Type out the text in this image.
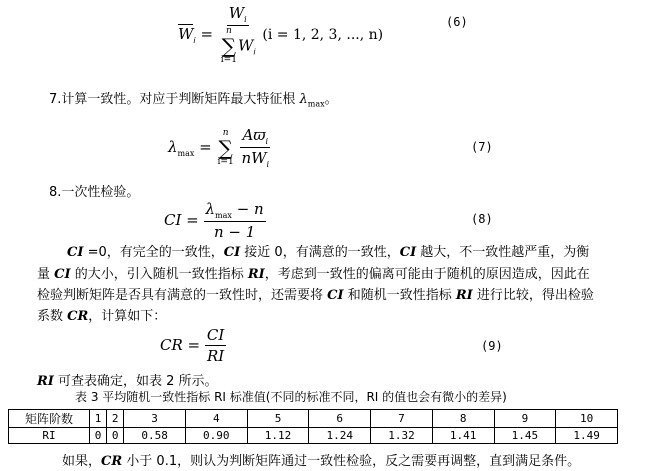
$W_i = W_i$
n
∑
i=1
$W_i$ (i = 1, 2, 3, ..., n)
(6)
7.计算一致性。对应于判断矩阵最大特征根 $\lambda_{max}$。
$\lambda_{max}$ =
n
∑
i=1
$\frac{Aϖ_i}{nW_i}$	(7)
8.一次性检验。
CI = $\frac{\lambda_{max} - n}{n - 1}$	(8)
CI =0，有完全的一致性，CI 接近 0，有满意的一致性，CI 越大，不一致性越严重，为衡
量 CI 的大小，引入随机一致性指标 RI，考虑到一致性的偏离可能由于随机的原因造成，因此在
检验判断矩阵是否具有满意的一致性时，还需要将 CI 和随机一致性指标 RI 进行比较，得出检验
系数 CR，计算如下：
CR = $\frac{CI}{RI}$	(9)
RI 可查表确定，如表 2 所示。
表 3 平均随机一致性指标 RI 标准值(不同的标准不同，RI 的值也会有微小的差异)
矩阵阶数	1	2	3	4	5	6	7	8	9	10
RI	0	0	0.58	0.90	1.12	1.24	1.32	1.41	1.45	1.49
如果，CR 小于 0.1，则认为判断矩阵通过一致性检验，反之需要再调整，直到满足条件。
